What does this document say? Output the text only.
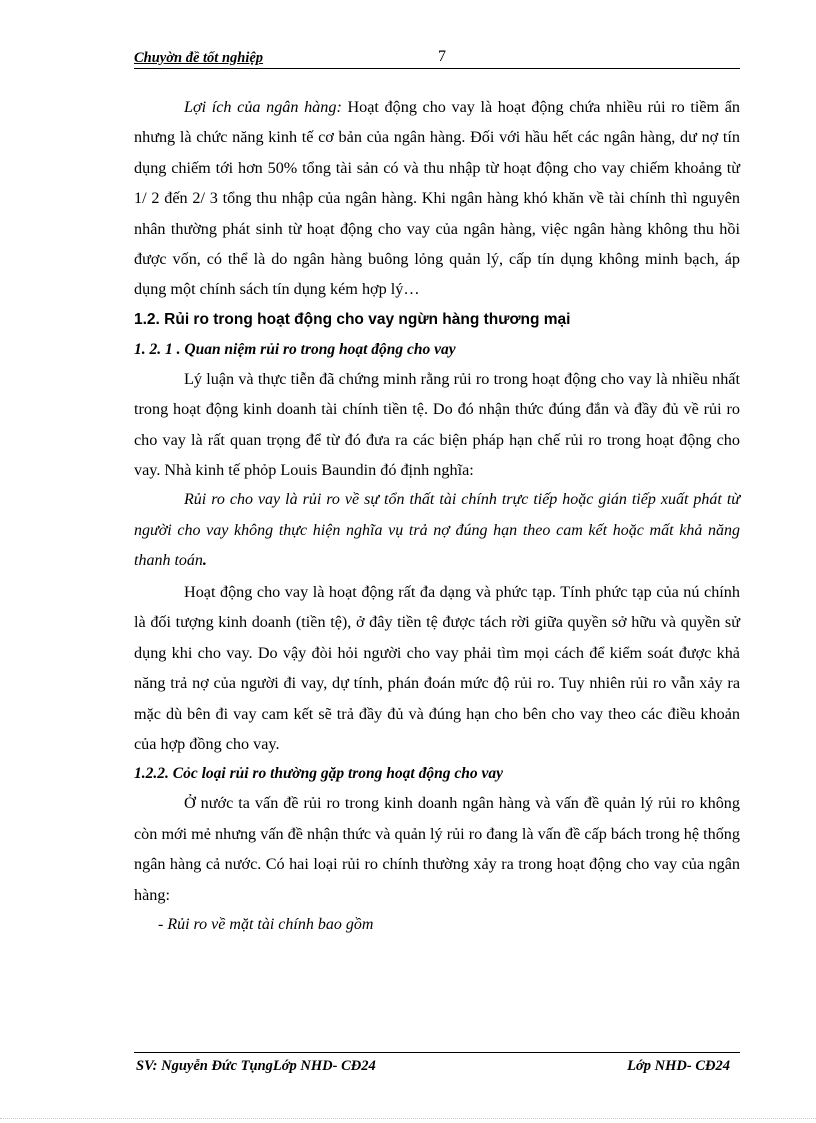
Chuyờn đề tốt nghiệp	7

Lợi ích của ngân hàng: Hoạt động cho vay là hoạt động chứa nhiều rủi ro tiềm ẩn nhưng là chức năng kinh tế cơ bản của ngân hàng. Đối với hầu hết các ngân hàng, dư nợ tín dụng chiếm tới hơn 50% tổng tài sản có và thu nhập từ hoạt động cho vay chiếm khoảng từ 1/ 2 đến 2/ 3 tổng thu nhập của ngân hàng. Khi ngân hàng khó khăn về tài chính thì nguyên nhân thường phát sinh từ hoạt động cho vay của ngân hàng, việc ngân hàng không thu hồi được vốn, có thể là do ngân hàng buông lỏng quản lý, cấp tín dụng không minh bạch, áp dụng một chính sách tín dụng kém hợp lý…

1.2. Rủi ro trong hoạt động cho vay ngừn hàng thương mại

1. 2. 1 . Quan niệm rủi ro trong hoạt động cho vay

Lý luận và thực tiễn đã chứng minh rằng rủi ro trong hoạt động cho vay là nhiều nhất trong hoạt động kinh doanh tài chính tiền tệ. Do đó nhận thức đúng đắn và đầy đủ về rủi ro cho vay là rất quan trọng để từ đó đưa ra các biện pháp hạn chế rủi ro trong hoạt động cho vay. Nhà kinh tế phỏp Louis Baundin đó định nghĩa:

Rủi ro cho vay là rủi ro về sự tổn thất tài chính trực tiếp hoặc gián tiếp xuất phát từ người cho vay không thực hiện nghĩa vụ trả nợ đúng hạn theo cam kết hoặc mất khả năng thanh toán.

Hoạt động cho vay là hoạt động rất đa dạng và phức tạp. Tính phức tạp của nú chính là đối tượng kinh doanh (tiền tệ), ở đây tiền tệ được tách rời giữa quyền sở hữu và quyền sử dụng khi cho vay. Do vậy đòi hỏi người cho vay phải tìm mọi cách để kiểm soát được khả năng trả nợ của người đi vay, dự tính, phán đoán mức độ rủi ro. Tuy nhiên rủi ro vẫn xảy ra mặc dù bên đi vay cam kết sẽ trả đầy đủ và đúng hạn cho bên cho vay theo các điều khoản của hợp đồng cho vay.

1.2.2. Cỏc loại rủi ro thường gặp trong hoạt động cho vay

Ở nước ta vấn đề rủi ro trong kinh doanh ngân hàng và vấn đề quản lý rủi ro không còn mới mẻ nhưng vấn đề nhận thức và quản lý rủi ro đang là vấn đề cấp bách trong hệ thống ngân hàng cả nước. Có hai loại rủi ro chính thường xảy ra trong hoạt động cho vay của ngân hàng:

- Rủi ro về mặt tài chính bao gồm

SV: Nguyễn Đức TụngLớp NHD- CĐ24	Lớp NHD- CĐ24
